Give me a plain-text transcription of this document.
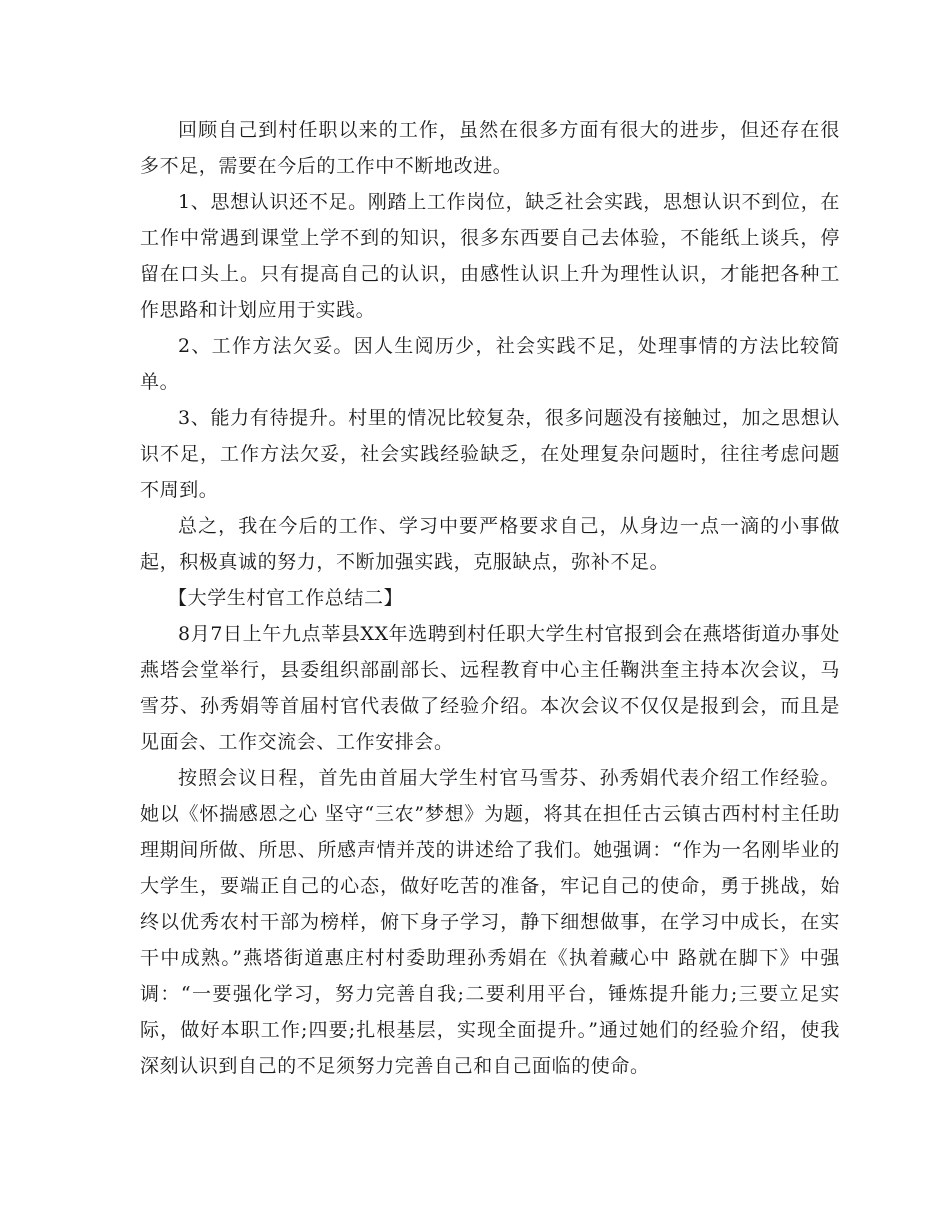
回顾自己到村任职以来的工作，虽然在很多方面有很大的进步，但还存在很多不足，需要在今后的工作中不断地改进。

1、思想认识还不足。刚踏上工作岗位，缺乏社会实践，思想认识不到位，在工作中常遇到课堂上学不到的知识，很多东西要自己去体验，不能纸上谈兵，停留在口头上。只有提高自己的认识，由感性认识上升为理性认识，才能把各种工作思路和计划应用于实践。

2、工作方法欠妥。因人生阅历少，社会实践不足，处理事情的方法比较简单。

3、能力有待提升。村里的情况比较复杂，很多问题没有接触过，加之思想认识不足，工作方法欠妥，社会实践经验缺乏，在处理复杂问题时，往往考虑问题不周到。

总之，我在今后的工作、学习中要严格要求自己，从身边一点一滴的小事做起，积极真诚的努力，不断加强实践，克服缺点，弥补不足。

【大学生村官工作总结二】

8月7日上午九点莘县XX年选聘到村任职大学生村官报到会在燕塔街道办事处燕塔会堂举行，县委组织部副部长、远程教育中心主任鞠洪奎主持本次会议，马雪芬、孙秀娟等首届村官代表做了经验介绍。本次会议不仅仅是报到会，而且是见面会、工作交流会、工作安排会。

按照会议日程，首先由首届大学生村官马雪芬、孙秀娟代表介绍工作经验。她以《怀揣感恩之心 坚守“三农”梦想》为题，将其在担任古云镇古西村村主任助理期间所做、所思、所感声情并茂的讲述给了我们。她强调：“作为一名刚毕业的大学生，要端正自己的心态，做好吃苦的准备，牢记自己的使命，勇于挑战，始终以优秀农村干部为榜样，俯下身子学习，静下细想做事，在学习中成长，在实干中成熟。”燕塔街道惠庄村村委助理孙秀娟在《执着藏心中 路就在脚下》中强调：“一要强化学习，努力完善自我;二要利用平台，锤炼提升能力;三要立足实际，做好本职工作;四要;扎根基层，实现全面提升。”通过她们的经验介绍，使我深刻认识到自己的不足须努力完善自己和自己面临的使命。
